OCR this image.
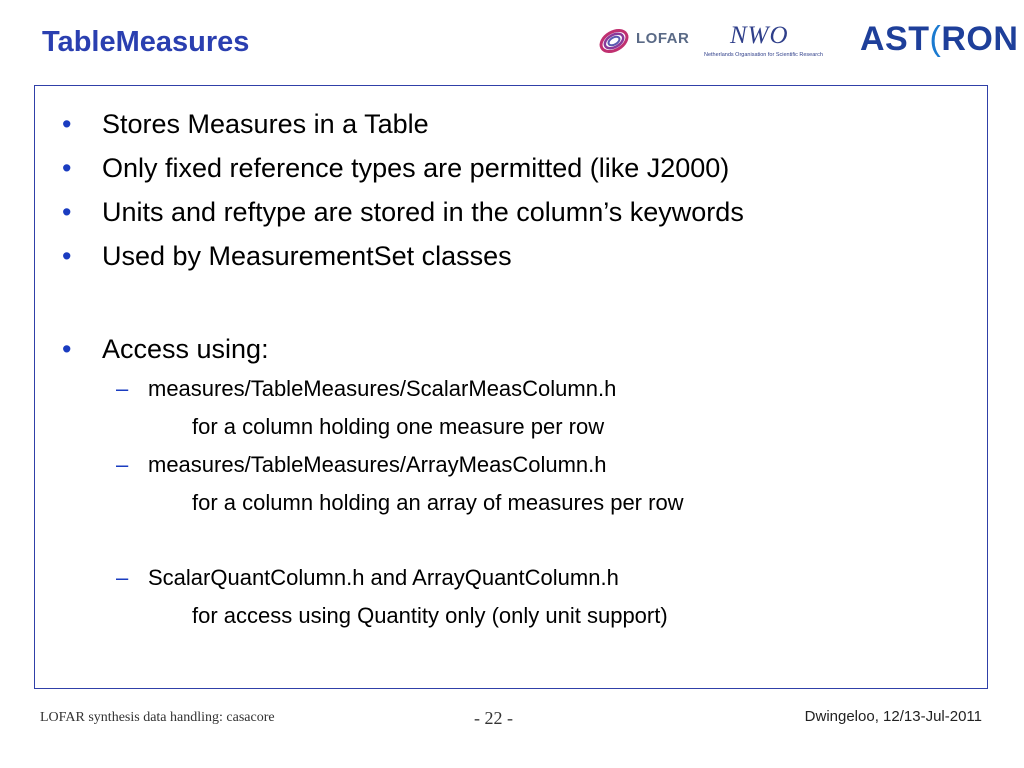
TableMeasures	LOFAR NWO
Netherlands Organisation for Scientific Research	AST(RON
• Stores Measures in a Table
• Only fixed reference types are permitted (like J2000)
• Units and reftype are stored in the column’s keywords
• Used by MeasurementSet classes
• Access using:
– measures/TableMeasures/ScalarMeasColumn.h
for a column holding one measure per row
– measures/TableMeasures/ArrayMeasColumn.h
for a column holding an array of measures per row
– ScalarQuantColumn.h and ArrayQuantColumn.h
for access using Quantity only (only unit support)
LOFAR synthesis data handling: casacore	- 22 -	Dwingeloo, 12/13-Jul-2011
